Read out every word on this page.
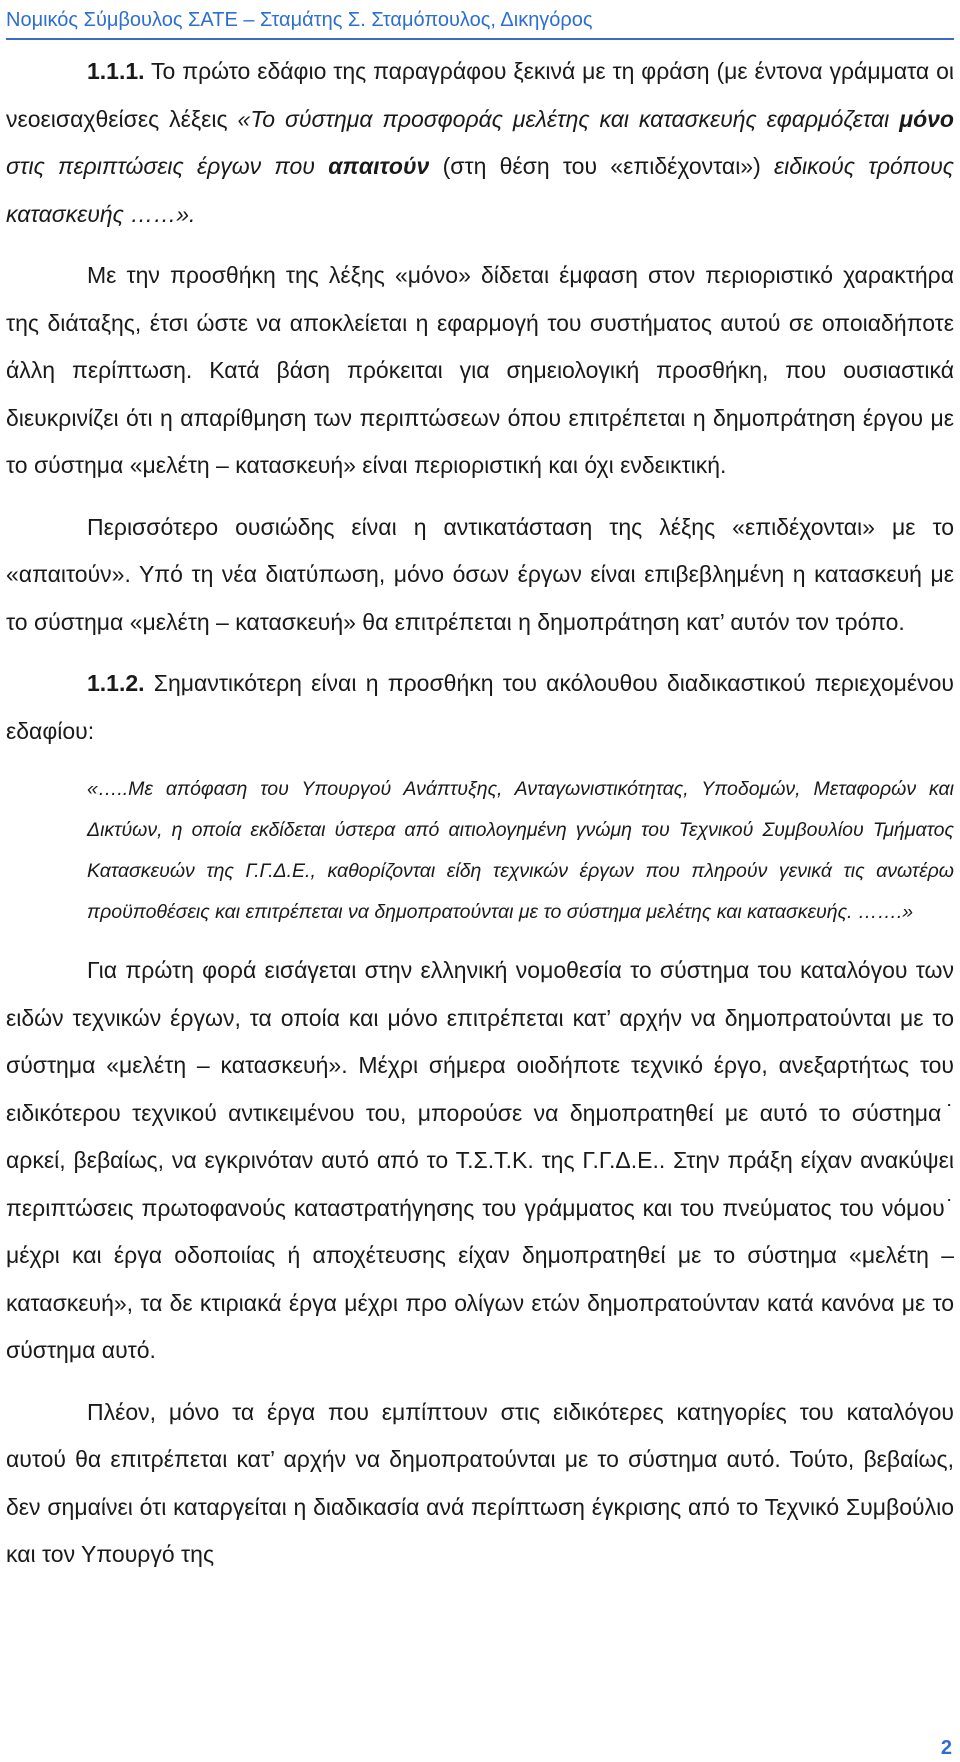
Νομικός Σύμβουλος ΣΑΤΕ – Σταμάτης Σ. Σταμόπουλος, Δικηγόρος

1.1.1. Το πρώτο εδάφιο της παραγράφου ξεκινά με τη φράση (με έντονα γράμματα οι νεοεισαχθείσες λέξεις «Το σύστημα προσφοράς μελέτης και κατασκευής εφαρμόζεται μόνο στις περιπτώσεις έργων που απαιτούν (στη θέση του «επιδέχονται») ειδικούς τρόπους κατασκευής ……».

Με την προσθήκη της λέξης «μόνο» δίδεται έμφαση στον περιοριστικό χαρακτήρα της διάταξης, έτσι ώστε να αποκλείεται η εφαρμογή του συστήματος αυτού σε οποιαδήποτε άλλη περίπτωση. Κατά βάση πρόκειται για σημειολογική προσθήκη, που ουσιαστικά διευκρινίζει ότι η απαρίθμηση των περιπτώσεων όπου επιτρέπεται η δημοπράτηση έργου με το σύστημα «μελέτη – κατασκευή» είναι περιοριστική και όχι ενδεικτική.

Περισσότερο ουσιώδης είναι η αντικατάσταση της λέξης «επιδέχονται» με το «απαιτούν». Υπό τη νέα διατύπωση, μόνο όσων έργων είναι επιβεβλημένη η κατασκευή με το σύστημα «μελέτη – κατασκευή» θα επιτρέπεται η δημοπράτηση κατ’ αυτόν τον τρόπο.

1.1.2. Σημαντικότερη είναι η προσθήκη του ακόλουθου διαδικαστικού περιεχομένου εδαφίου:

«…..Με απόφαση του Υπουργού Ανάπτυξης, Ανταγωνιστικότητας, Υποδομών, Μεταφορών και Δικτύων, η οποία εκδίδεται ύστερα από αιτιολογημένη γνώμη του Τεχνικού Συμβουλίου Τμήματος Κατασκευών της Γ.Γ.Δ.Ε., καθορίζονται είδη τεχνικών έργων που πληρούν γενικά τις ανωτέρω προϋποθέσεις και επιτρέπεται να δημοπρατούνται με το σύστημα μελέτης και κατασκευής. …….»

Για πρώτη φορά εισάγεται στην ελληνική νομοθεσία το σύστημα του καταλόγου των ειδών τεχνικών έργων, τα οποία και μόνο επιτρέπεται κατ’ αρχήν να δημοπρατούνται με το σύστημα «μελέτη – κατασκευή». Μέχρι σήμερα οιοδήποτε τεχνικό έργο, ανεξαρτήτως του ειδικότερου τεχνικού αντικειμένου του, μπορούσε να δημοπρατηθεί με αυτό το σύστημα˙ αρκεί, βεβαίως, να εγκρινόταν αυτό από το Τ.Σ.Τ.Κ. της Γ.Γ.Δ.Ε.. Στην πράξη είχαν ανακύψει περιπτώσεις πρωτοφανούς καταστρατήγησης του γράμματος και του πνεύματος του νόμου˙ μέχρι και έργα οδοποιίας ή αποχέτευσης είχαν δημοπρατηθεί με το σύστημα «μελέτη – κατασκευή», τα δε κτιριακά έργα μέχρι προ ολίγων ετών δημοπρατούνταν κατά κανόνα με το σύστημα αυτό.

Πλέον, μόνο τα έργα που εμπίπτουν στις ειδικότερες κατηγορίες του καταλόγου αυτού θα επιτρέπεται κατ’ αρχήν να δημοπρατούνται με το σύστημα αυτό. Τούτο, βεβαίως, δεν σημαίνει ότι καταργείται η διαδικασία ανά περίπτωση έγκρισης από το Τεχνικό Συμβούλιο και τον Υπουργό της

2
